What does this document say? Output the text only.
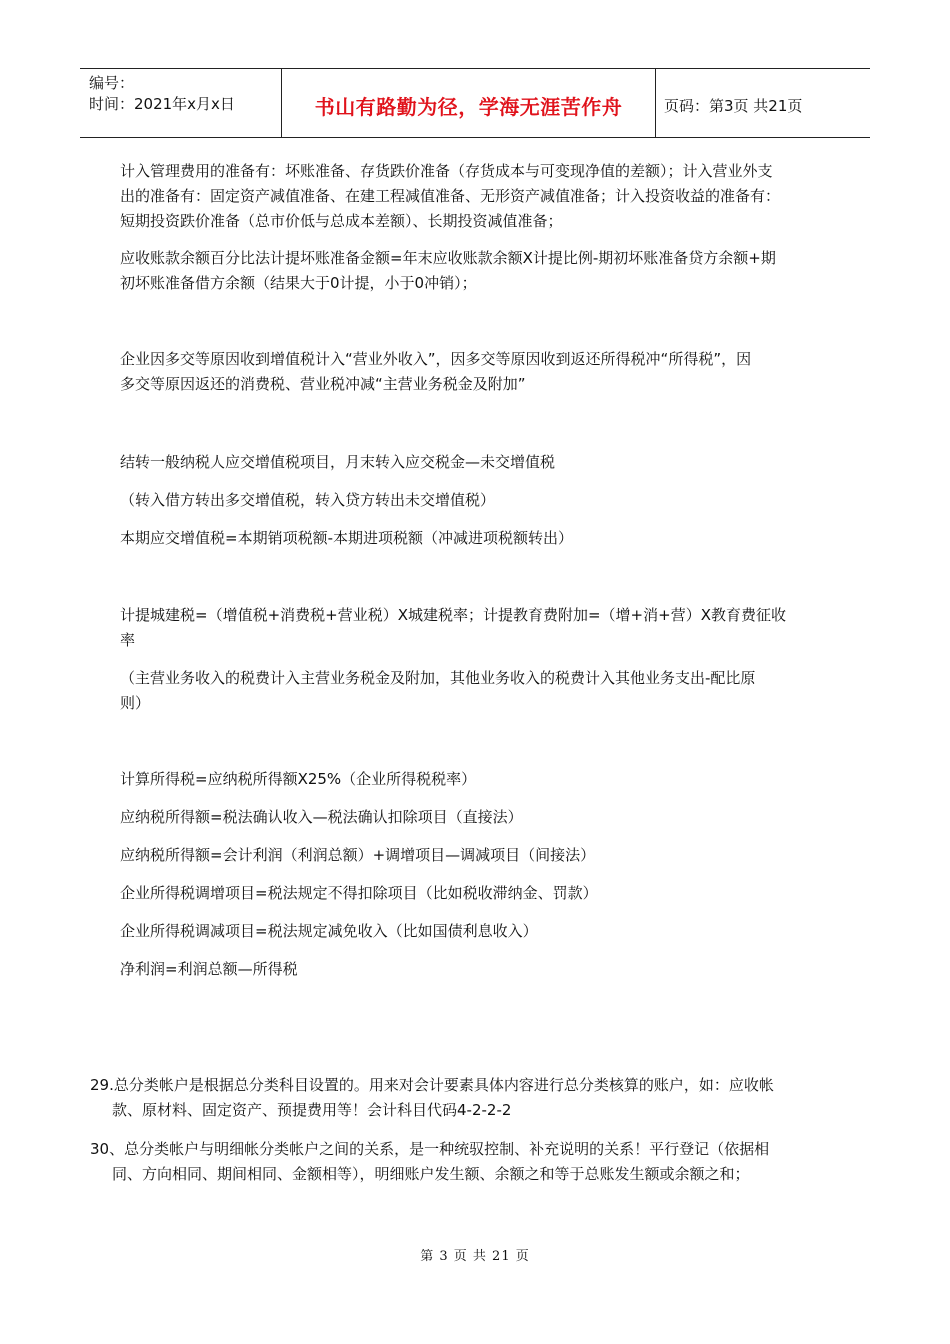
编号：
时间：2021年x月x日	书山有路勤为径，学海无涯苦作舟	页码：第3页 共21页
计入管理费用的准备有：坏账准备、存货跌价准备（存货成本与可变现净值的差额）；计入营业外支
出的准备有：固定资产减值准备、在建工程减值准备、无形资产减值准备；计入投资收益的准备有：
短期投资跌价准备（总市价低与总成本差额）、长期投资减值准备；
应收账款余额百分比法计提坏账准备金额=年末应收账款余额X计提比例-期初坏账准备贷方余额+期
初坏账准备借方余额（结果大于0计提，小于0冲销）；
企业因多交等原因收到增值税计入“营业外收入”，因多交等原因收到返还所得税冲“所得税”，因
多交等原因返还的消费税、营业税冲减“主营业务税金及附加”
结转一般纳税人应交增值税项目，月末转入应交税金—未交增值税
（转入借方转出多交增值税，转入贷方转出未交增值税）
本期应交增值税=本期销项税额-本期进项税额（冲减进项税额转出）
计提城建税=（增值税+消费税+营业税）X城建税率；计提教育费附加=（增+消+营）X教育费征收
率
（主营业务收入的税费计入主营业务税金及附加，其他业务收入的税费计入其他业务支出-配比原
则）
计算所得税=应纳税所得额X25%（企业所得税税率）
应纳税所得额=税法确认收入—税法确认扣除项目（直接法）
应纳税所得额=会计利润（利润总额）+调增项目—调减项目（间接法）
企业所得税调增项目=税法规定不得扣除项目（比如税收滞纳金、罚款）
企业所得税调减项目=税法规定减免收入（比如国债利息收入）
净利润=利润总额—所得税
29.总分类帐户是根据总分类科目设置的。用来对会计要素具体内容进行总分类核算的账户，如：应收帐
款、原材料、固定资产、预提费用等！会计科目代码4-2-2-2
30、总分类帐户与明细帐分类帐户之间的关系，是一种统驭控制、补充说明的关系！平行登记（依据相
同、方向相同、期间相同、金额相等），明细账户发生额、余额之和等于总账发生额或余额之和；
第 3 页 共 21 页
